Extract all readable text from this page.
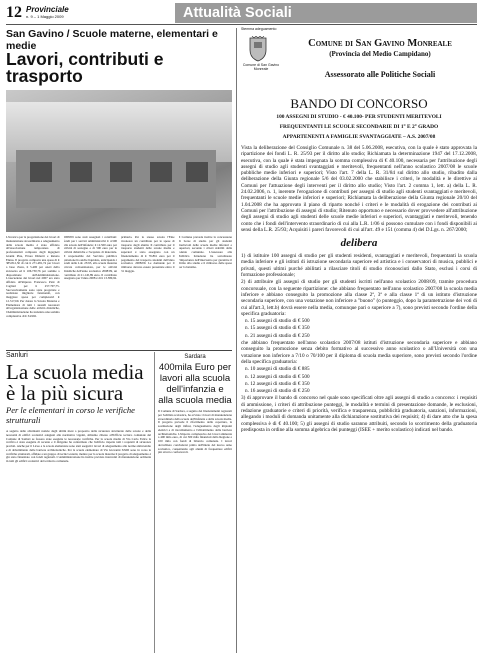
12 Provinciale
n. 9 – 1 Maggio 2009	Attualità Sociali
San Gavino / Scuole materne, elementari e medie
Lavori, contributi e trasporto

L'incarico per la progettazione dei lavori di manutenzione straordinaria e adeguamento della scuola media è stato affidato all'associazione temporanea di professionisti composta dagli ingegneri Gianni Pisu, Ettore Dimetti e Renato Ennas. Il progetto comporta una spesa di € 385.812,50 di cui € 271.481,74 per lavori a base d'asta, € 5.400 per oneri della sicurezza ed € 106.730,76 per somme a disposizione dell'Amministrazione. L'esecuzione dei lavori nel 2007 era stata affidata all'impresa Francesco Pani di Cagliari per € 257.707,75. Successivamente sono state progettate e realizzate migliorie funzionali, con maggiore spesa per complessivi € 12.317,69. Per dotare la Scuola Materna e Elementare di tutti i sussidi necessari all'organizzazione delle attività didattiche, l'Amministrazione ha stanziato una somma complessiva di € 34.992.

2008/09 sono stati assegnati i contributi: fondi per i servizi amministrativi € 4.500 alla scuola dell'infanzia; € 12.500 euro per attività di sostegno e di 500 euro per le attività didattiche e l'acquisto di materiale. Il responsabile del Servizio pubblica istruzione ha anche liquidato, anticipando i fondi della L.R. 25/93, alla scuola materna privata convenzionata, per le attività didattiche dell'anno scolastico 2008/09, un contributo di 21.145,89 euro. Il contributo assegnato per l'anno 2008 è di € 13.580,92.

primaria. Per lo stesso scuola l'Ente riconosce un contributo per le spese di trasporto degli alunni. Il contributo per il trasporto studenti delle scuole medie e superiori è stato assegnato con un finanziamento di € 76.861 euro per il pagamento del trasporto studenti dell'anno scolastico 2008/09. Le domande per il rimborso devono essere presentate entro il 31 maggio.

Il Comune prevede inoltre la concessione di borse di studio per gli studenti meritevoli delle scuole medie inferiori e superiori, secondo i criteri stabiliti dalla Giunta comunale. L'assessore alla Pubblica Istruzione ha sottolineato l'importanza dell'intervento per garantire il diritto allo studio e il rimborso delle spese per la benzina.

Sanluri
La scuola media è la più sicura
Per le elementari in corso le verifiche strutturali

A seguito delle allarmanti notizie degli ultimi mesi a proposito della sicurezza strutturale delle scuole e della necessità di edifici scolastici adeguati alle normative vigenti, abbiamo chiesto all'Ufficio tecnico comunale del Comune di Sanluri se fossero state eseguite le necessarie verifiche. Per la scuola media di Via Carlo Felice la verifica è stata eseguita di recente e il dirigente ha confermato che l'edificio rispetta tutti i requisiti di sicurezza previsti. Anche per il Liceo e la scuola elementare sono stati eseguiti i lavori di adeguamento alle norme antincendio e di abbattimento delle barriere architettoniche. Per la scuola elementare di Via Giovanni XXIII sono in corso le verifiche strutturali, affidate a un gruppo di tecnici esterni, mentre per la scuola materna il progetto di adeguamento è già stato finanziato con fondi regionali. L'Amministrazione ha inoltre previsto interventi di manutenzione ordinaria in tutti gli edifici scolastici del territorio comunale.

Sardara
400mila Euro per lavori alla scuola dell'infanzia e alla scuola media

Il Comune di Sardara, a seguito dei finanziamenti regionali per l'edilizia scolastica, ha avviato i lavori di manutenzione straordinaria della scuola dell'infanzia e della scuola media. Il progetto prevede il rifacimento della copertura, la sostituzione degli infissi, l'adeguamento degli impianti elettrici e di riscaldamento e l'abbattimento delle barriere architettoniche. L'importo complessivo dei lavori ammonta a 400 mila euro, di cui 300 mila finanziati dalla Regione e 100 mila con fondi di bilancio comunale. I lavori dovrebbero concludersi prima dell'inizio del nuovo anno scolastico, consentendo agli alunni di frequentare edifici più sicuri e confortevoli.

Stemma adeguamento
Comune di San Gavino Monreale
Comune di San Gavino Monreale
(Provincia del Medio Campidano)
Assessorato alle Politiche Sociali
BANDO DI CONCORSO
100 ASSEGNI DI STUDIO - € 40.100- PER STUDENTI MERITEVOLI
FREQUENTANTI LE SCUOLE SECONDARIE DI 1° E 2° GRADO
APPARTENENTI A FAMIGLIE SVANTAGGIATE – A.S. 2007/08

Vista la deliberazione del Consiglio Comunale n. 38 del 5.06.2008, esecutiva, con la quale è stato approvata la ripartizione dei fondi L. R. 25/93 per il diritto allo studio; Richiamata la determinazione 1947 del 17.12.2008, esecutiva, con la quale è stata impegnata la somma complessiva di € 40.100, necessaria per l'attribuzione degli assegni di studio agli studenti svantaggiati e meritevoli, frequentanti nell'anno scolastico 2007/08 le scuole pubbliche medie inferiori e superiori; Visto l'art. 7 della L. R. 31/84 sul diritto allo studio, ribadito dalla deliberazione della Giunta regionale 5/6 del 03.02.2000 che stabilisce i criteri, le modalità e le direttive ai Comuni per l'attuazione degli interventi per il diritto allo studio; Visto l'art. 2 comma 1, lett. a) della L. R. 24.02.2006, n. 1, inerente l'erogazione di contributi per assegni di studio agli studenti svantaggiati e meritevoli, frequentanti le scuole medie inferiori e superiori; Richiamata la deliberazione della Giunta regionale 20/10 del 1.04.2008 che ha approvato il piano di riparto nonché i criteri e le modalità di erogazione dei contributi ai Comuni per l'attribuzione di assegni di studio; Ritenuto opportuno e necessario dover provvedere all'attribuzione degli assegni di studio agli studenti delle scuole medie inferiori e superiori, svantaggiati e meritevoli, tenendo conto che i fondi dell'intervento straordinario di cui alla L.R. 1/06 si possono cumulare con i fondi disponibili ai sensi della L.R. 25/93; Acquisiti i pareri favorevoli di cui all'art. 49 e 151 (comma 4) del D.Lgs. n. 267/2000;

delibera

1) di istituire 100 assegni di studio per gli studenti residenti, svantaggiati e meritevoli, frequentanti la scuola media inferiore e gli istituti di istruzione secondaria superiore ed artistica e i conservatori di musica, pubblici e privati, questi ultimi purché abilitati a rilasciare titoli di studio riconosciuti dallo Stato, esclusi i corsi di formazione professionale;

2) di attribuire gli assegni di studio per gli studenti iscritti nell'anno scolastico 2008/09, tramite procedura concorsuale, con la seguente ripartizione: che abbiano frequentato nell'anno scolastico 2007/08 la scuola media inferiore e abbiano conseguito la promozione alla classe 2ª, 3ª e alla classe 1ª di un istituto d'istruzione secondaria superiore, con una votazione non inferiore a "buono" (o punteggio, dopo la parametrazione dei voti di cui all'art.3, lett.b) dovrà essere nella media, comunque pari o superiore a 7), sono previsti secondo l'ordine della specifica graduatoria:

n. 15 assegni di studio di € 500

n. 15 assegni di studio di € 350

n. 21 assegni di studio di € 250

che abbiano frequentato nell'anno scolastico 2007/08 istituti d'istruzione secondaria superiore e abbiano conseguito la promozione senza debito formativo al successivo anno scolastico o all'Università con una votazione non inferiore a 7/10 o 70/100 per il diploma di scuola media superiore, sono previsti secondo l'ordine della specifica graduatoria:

n. 10 assegni di studio di € 885

n. 12 assegni di studio di € 500

n. 12 assegni di studio di € 350

n. 16 assegni di studio di € 250

3) di approvare il bando di concorso nel quale sono specificati oltre agli assegni di studio a concorso: i requisiti di ammissione, i criteri di attribuzione punteggi, le modalità e termini di presentazione domande, le esclusioni, redazione graduatorie e criteri di priorità, verifica e trasparenza, pubblicità graduatoria, sanzioni, informazioni, allegando i moduli di domanda unitamente alla dichiarazione sostitutiva dei requisiti; 4) di dare atto che la spesa complessiva è di € 40.100; 5) gli assegni di studio saranno attribuiti, secondo lo scorrimento della graduatoria predisposta in ordine alla somma algebrica dei punteggi (ISEE + merito scolastico) indicati nel bando.
